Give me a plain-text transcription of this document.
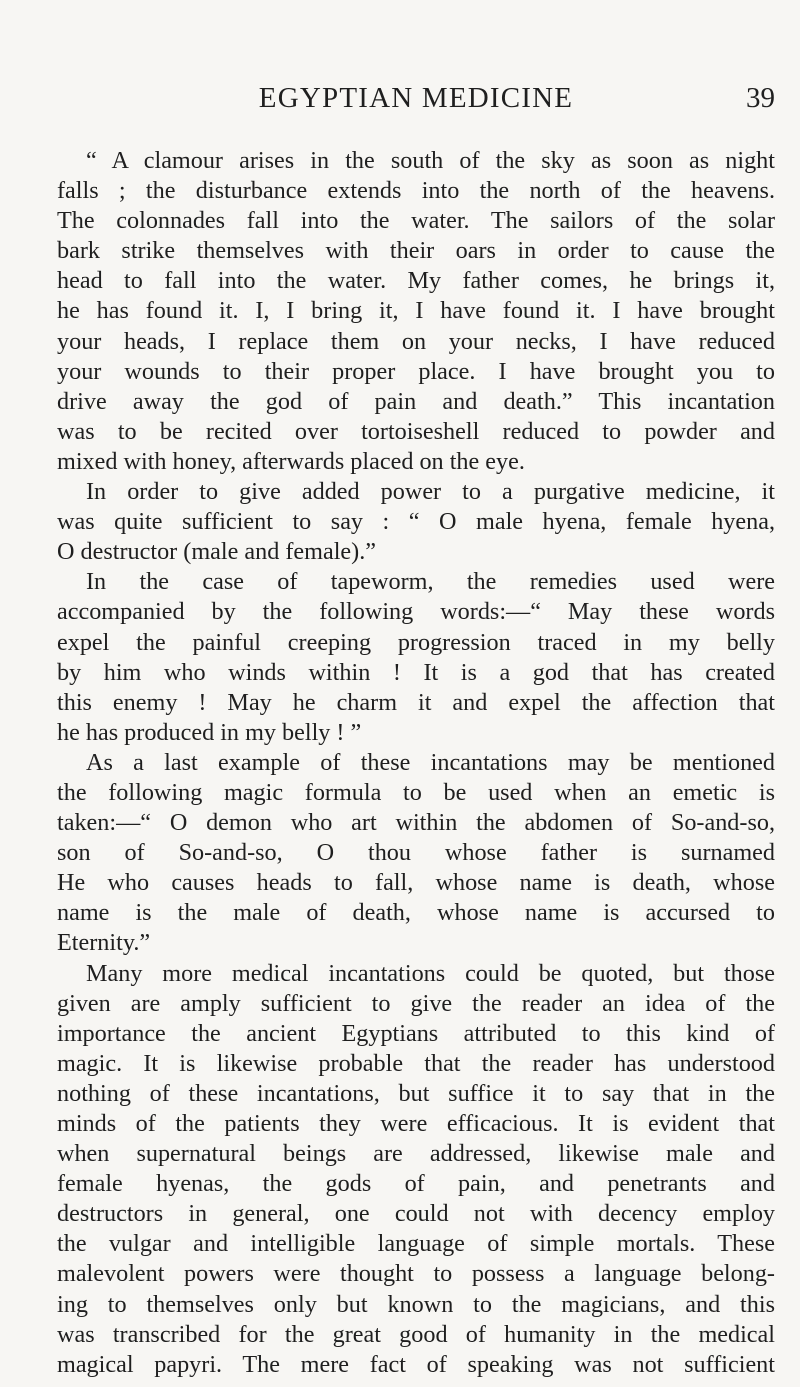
EGYPTIAN MEDICINE	39

“ A clamour arises in the south of the sky as soon as night
falls ; the disturbance extends into the north of the heavens.
The colonnades fall into the water. The sailors of the solar
bark strike themselves with their oars in order to cause the
head to fall into the water. My father comes, he brings it,
he has found it. I, I bring it, I have found it. I have brought
your heads, I replace them on your necks, I have reduced
your wounds to their proper place. I have brought you to
drive away the god of pain and death.” This incantation
was to be recited over tortoiseshell reduced to powder and
mixed with honey, afterwards placed on the eye.
In order to give added power to a purgative medicine, it
was quite sufficient to say : “ O male hyena, female hyena,
O destructor (male and female).”
In the case of tapeworm, the remedies used were
accompanied by the following words:—“ May these words
expel the painful creeping progression traced in my belly
by him who winds within ! It is a god that has created
this enemy ! May he charm it and expel the affection that
he has produced in my belly ! ”
As a last example of these incantations may be mentioned
the following magic formula to be used when an emetic is
taken:—“ O demon who art within the abdomen of So-and-so,
son of So-and-so, O thou whose father is surnamed
He who causes heads to fall, whose name is death, whose
name is the male of death, whose name is accursed to
Eternity.”
Many more medical incantations could be quoted, but those
given are amply sufficient to give the reader an idea of the
importance the ancient Egyptians attributed to this kind of
magic. It is likewise probable that the reader has understood
nothing of these incantations, but suffice it to say that in the
minds of the patients they were efficacious. It is evident that
when supernatural beings are addressed, likewise male and
female hyenas, the gods of pain, and penetrants and
destructors in general, one could not with decency employ
the vulgar and intelligible language of simple mortals. These
malevolent powers were thought to possess a language belong-
ing to themselves only but known to the magicians, and this
was transcribed for the great good of humanity in the medical
magical papyri. The mere fact of speaking was not sufficient
